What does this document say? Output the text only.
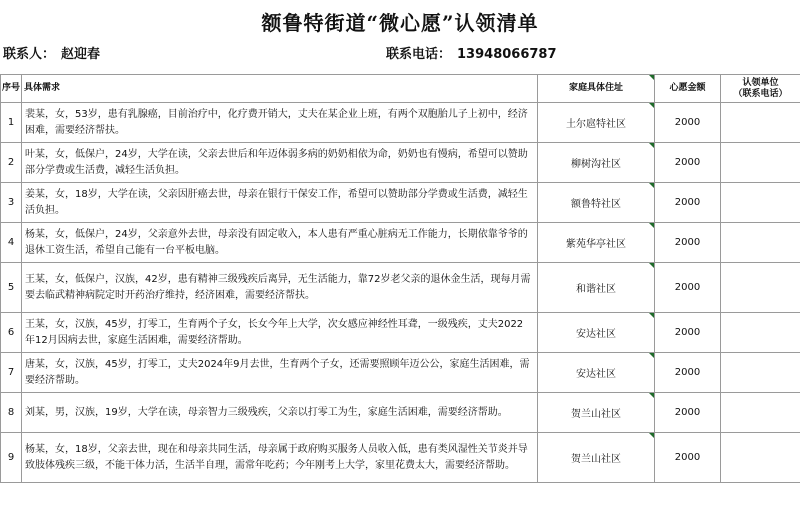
额鲁特街道“微心愿”认领清单
联系人： 赵迎春	联系电话： 13948066787
序号	具体需求	家庭具体住址	心愿金额	认领单位
（联系电话）
1	裴某，女，53岁，患有乳腺癌，目前治疗中，化疗费开销大，丈夫在某企业上班，有两个双胞胎儿子上初中，经济困难，需要经济帮扶。	土尔扈特社区	2000	
2	叶某，女，低保户，24岁，大学在读，父亲去世后和年迈体弱多病的奶奶相依为命，奶奶也有慢病，希望可以赞助部分学费或生活费，减轻生活负担。	柳树沟社区	2000	
3	姜某，女，18岁，大学在读，父亲因肝癌去世，母亲在银行干保安工作，希望可以赞助部分学费或生活费，减轻生活负担。	额鲁特社区	2000	
4	杨某，女，低保户，24岁，父亲意外去世，母亲没有固定收入，本人患有严重心脏病无工作能力，长期依靠爷爷的退休工资生活，希望自己能有一台平板电脑。	紫苑华亭社区	2000	
5	王某，女，低保户，汉族，42岁，患有精神三级残疾后离异，无生活能力，靠72岁老父亲的退休金生活，现每月需要去临武精神病院定时开药治疗维持，经济困难，需要经济帮扶。	和谐社区	2000	
6	王某，女，汉族，45岁，打零工，生育两个子女，长女今年上大学，次女感应神经性耳聋，一级残疾，丈夫2022年12月因病去世，家庭生活困难，需要经济帮助。	安达社区	2000	
7	唐某，女，汉族，45岁，打零工，丈夫2024年9月去世，生育两个子女，还需要照顾年迈公公，家庭生活困难，需要经济帮助。	安达社区	2000	
8	刘某，男，汉族，19岁，大学在读，母亲智力三级残疾，父亲以打零工为生，家庭生活困难，需要经济帮助。	贺兰山社区	2000	
9	杨某，女，18岁，父亲去世，现在和母亲共同生活，母亲属于政府购买服务人员收入低，患有类风湿性关节炎并导致肢体残疾三级，不能干体力活，生活半自理，需常年吃药；今年刚考上大学，家里花费太大，需要经济帮助。	贺兰山社区	2000	
